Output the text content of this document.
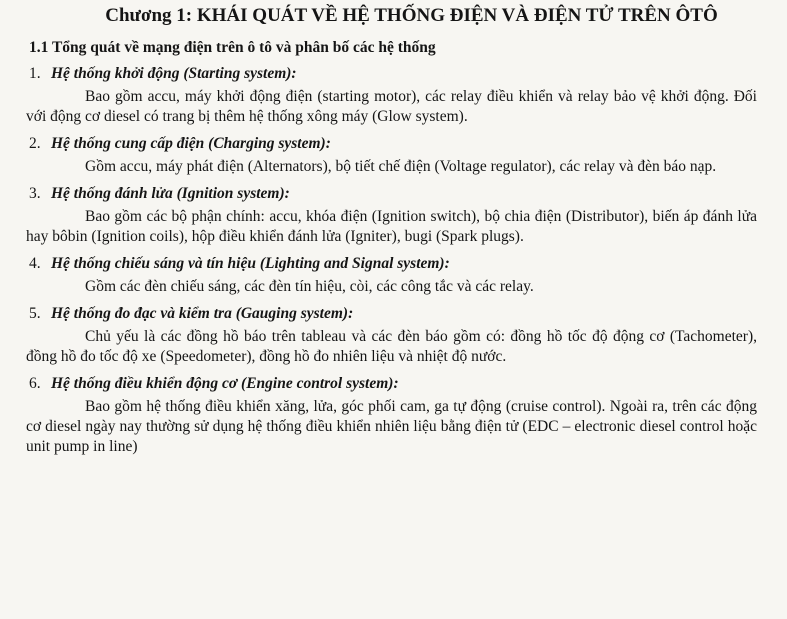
Chương 1: KHÁI QUÁT VỀ HỆ THỐNG ĐIỆN VÀ ĐIỆN TỬ TRÊN ÔTÔ
1.1 Tổng quát về mạng điện trên ô tô và phân bố các hệ thống
1. Hệ thống khởi động (Starting system):

Bao gồm accu, máy khởi động điện (starting motor), các relay điều khiển và relay bảo vệ khởi động. Đối với động cơ diesel có trang bị thêm hệ thống xông máy (Glow system).

2. Hệ thống cung cấp điện (Charging system):

Gồm accu, máy phát điện (Alternators), bộ tiết chế điện (Voltage regulator), các relay và đèn báo nạp.

3. Hệ thống đánh lửa (Ignition system):

Bao gồm các bộ phận chính: accu, khóa điện (Ignition switch), bộ chia điện (Distributor), biến áp đánh lửa hay bôbin (Ignition coils), hộp điều khiển đánh lửa (Igniter), bugi (Spark plugs).

4. Hệ thống chiếu sáng và tín hiệu (Lighting and Signal system):

Gồm các đèn chiếu sáng, các đèn tín hiệu, còi, các công tắc và các relay.

5. Hệ thống đo đạc và kiểm tra (Gauging system):

Chủ yếu là các đồng hồ báo trên tableau và các đèn báo gồm có: đồng hồ tốc độ động cơ (Tachometer), đồng hồ đo tốc độ xe (Speedometer), đồng hồ đo nhiên liệu và nhiệt độ nước.

6. Hệ thống điều khiển động cơ (Engine control system):

Bao gồm hệ thống điều khiển xăng, lửa, góc phối cam, ga tự động (cruise control). Ngoài ra, trên các động cơ diesel ngày nay thường sử dụng hệ thống điều khiển nhiên liệu bằng điện tử (EDC – electronic diesel control hoặc unit pump in line)
